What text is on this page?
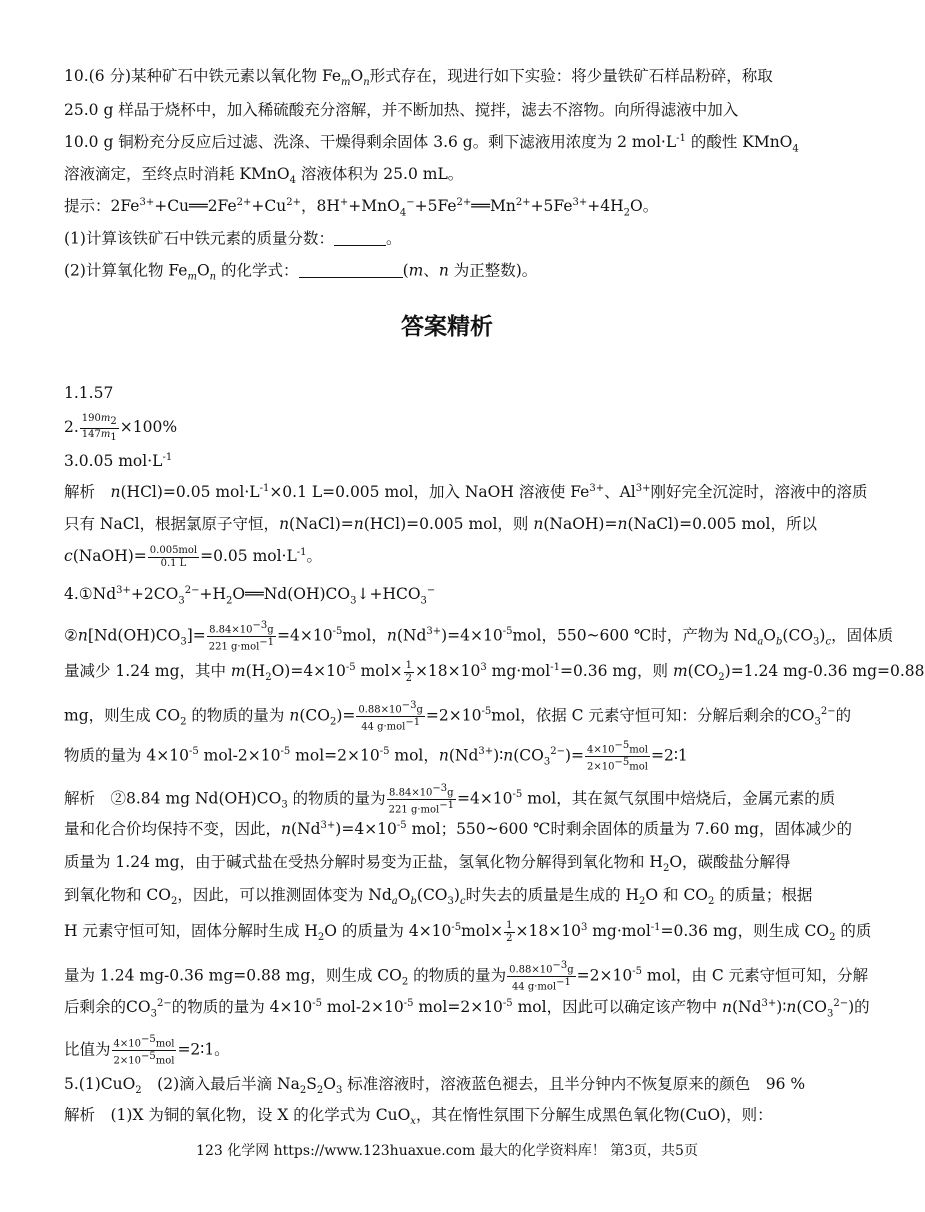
10.(6 分)某种矿石中铁元素以氧化物 $Fe_mO_n$形式存在，现进行如下实验：将少量铁矿石样品粉碎，称取
25.0 g 样品于烧杯中，加入稀硫酸充分溶解，并不断加热、搅拌，滤去不溶物。向所得滤液中加入
10.0 g 铜粉充分反应后过滤、洗涤、干燥得剩余固体 3.6 g。剩下滤液用浓度为 2 $mol\cdot L^{-1}$ 的酸性 KMnO$_4$
溶液滴定，至终点时消耗 KMnO$_4$ 溶液体积为 25.0 mL。
提示：$2Fe^{3+}+Cu══2Fe^{2+}+Cu^{2+}$，$8H^++MnO_4^-+5Fe^{2+}══Mn^{2+}+5Fe^{3+}+4H_2O$。
(1)计算该铁矿石中铁元素的质量分数：	。
(2)计算氧化物 $Fe_mO_n$ 的化学式：	(m、n 为正整数)。
答案精析
1.1.57
2. $\frac{190m_2}{147m_1} \times 100\%$
3.0.05 $mol\cdot L^{-1}$
解析　n(HCl)=0.05 $mol\cdot L^{-1}\times 0.1$ L=0.005 mol，加入 NaOH 溶液使 $Fe^{3+}$、$Al^{3+}$刚好完全沉淀时，溶液中的溶质
只有 NaCl，根据氯原子守恒，n(NaCl)=n(HCl)=0.005 mol，则 n(NaOH)=n(NaCl)=0.005 mol，所以
c(NaOH)= $\frac{\text{0.005mol}}{0.1 L} =0.05$ $mol\cdot L^{-1}$。
$4.①Nd^{3+}+2CO_3^{2-}+H_2O══Nd(OH)CO_3↓+HCO_3^-$
$②n[Nd(OH)CO_3]= \frac{8.84\times 10^{-3}g}{221 g\cdot mol^{-1}} =4\times 10^{-5}mol$，$n(Nd^{3+})=4\times 10^{-5}mol$，550~600 ℃时，产物为 $Nd_aO_b(CO_3)_c$，固体质
量减少 1.24 mg，其中 $m(H_2O)=4\times 10^{-5}$ $mol\times \frac{1}{2} \times 18\times 10^3$ mg·mol$^{-1}$=0.36 mg，则 $m(CO_2)=1.24$ mg-0.36 mg=0.88
mg，则生成 $CO_2$ 的物质的量为 $n(CO_2)= \frac{0.88\times 10^{-3}g}{44 g\cdot mol^{-1}} =2\times 10^{-5}mol$，依据 C 元素守恒可知：分解后剩余的$CO_3^{2-}$的
物质的量为 $4\times 10^{-5}$ mol-$2\times 10^{-5}$ $mol=2\times 10^{-5}$ mol，$n(Nd^{3+})∶n(CO_3^{2-})= \frac{4\times 10^{-5}mol}{2\times 10^{-5}mol}$ =2∶1
解析　②8.84 mg $Nd(OH)CO_3$ 的物质的量为 $\frac{8.84\times 10^{-3}g}{221 g\cdot mol^{-1}} =4\times 10^{-5}$ mol，其在氮气氛围中焙烧后，金属元素的质
量和化合价均保持不变，因此，$n(Nd^{3+})=4\times 10^{-5}$ mol；550~600 ℃时剩余固体的质量为 7.60 mg，固体减少的
质量为 1.24 mg，由于碱式盐在受热分解时易变为正盐，氢氧化物分解得到氧化物和 $H_2O$，碳酸盐分解得
到氧化物和 $CO_2$，因此，可以推测固体变为 $Nd_aO_b(CO_3)_c$时失去的质量是生成的 $H_2O$ 和 $CO_2$ 的质量；根据
H 元素守恒可知，固体分解时生成 $H_2O$ 的质量为 $4\times 10^{-5}mol\times \frac{1}{2} \times 18\times 10^3$ mg·mol$^{-1}$=0.36 mg，则生成 $CO_2$ 的质
量为 1.24 mg-0.36 mg=0.88 mg，则生成 $CO_2$ 的物质的量为 $\frac{0.88\times 10^{-3}g}{44 g\cdot mol^{-1}} =2\times 10^{-5}$ mol，由 C 元素守恒可知，分解
后剩余的$CO_3^{2-}$的物质的量为 $4\times 10^{-5}$ mol-$2\times 10^{-5}$ $mol=2\times 10^{-5}$ mol，因此可以确定该产物中 $n(Nd^{3+})∶n(CO_3^{2-})$的
比值为 $\frac{4\times 10^{-5}mol}{2\times 10^{-5}mol}$ =2∶1。
5.(1)CuO$_2$　(2)滴入最后半滴 $Na_2S_2O_3$ 标准溶液时，溶液蓝色褪去，且半分钟内不恢复原来的颜色　96 %
解析　(1)X 为铜的氧化物，设 X 的化学式为 CuO$_x$，其在惰性氛围下分解生成黑色氧化物(CuO)，则：
123 化学网 https://www.123huaxue.com 最大的化学资料库！ 第3页，共5页
